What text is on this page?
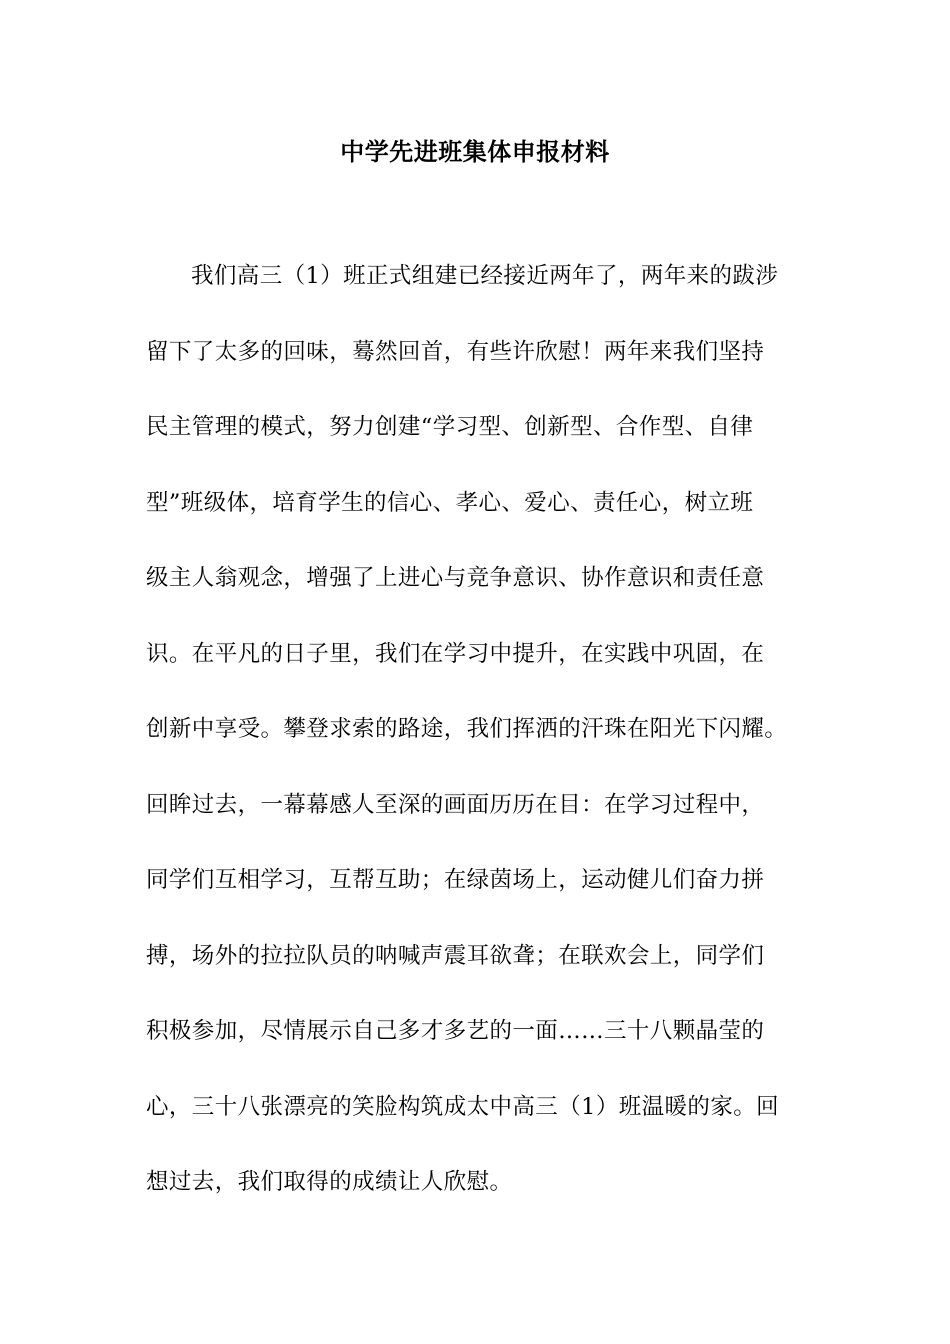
中学先进班集体申报材料
我们高三（1）班正式组建已经接近两年了，两年来的跋涉
留下了太多的回味，蓦然回首，有些许欣慰！两年来我们坚持
民主管理的模式，努力创建“学习型、创新型、合作型、自律
型”班级体，培育学生的信心、孝心、爱心、责任心，树立班
级主人翁观念，增强了上进心与竞争意识、协作意识和责任意
识。在平凡的日子里，我们在学习中提升，在实践中巩固，在
创新中享受。攀登求索的路途，我们挥洒的汗珠在阳光下闪耀。
回眸过去，一幕幕感人至深的画面历历在目：在学习过程中，
同学们互相学习，互帮互助；在绿茵场上，运动健儿们奋力拼
搏，场外的拉拉队员的呐喊声震耳欲聋；在联欢会上，同学们
积极参加，尽情展示自己多才多艺的一面……三十八颗晶莹的
心，三十八张漂亮的笑脸构筑成太中高三（1）班温暖的家。回
想过去，我们取得的成绩让人欣慰。
